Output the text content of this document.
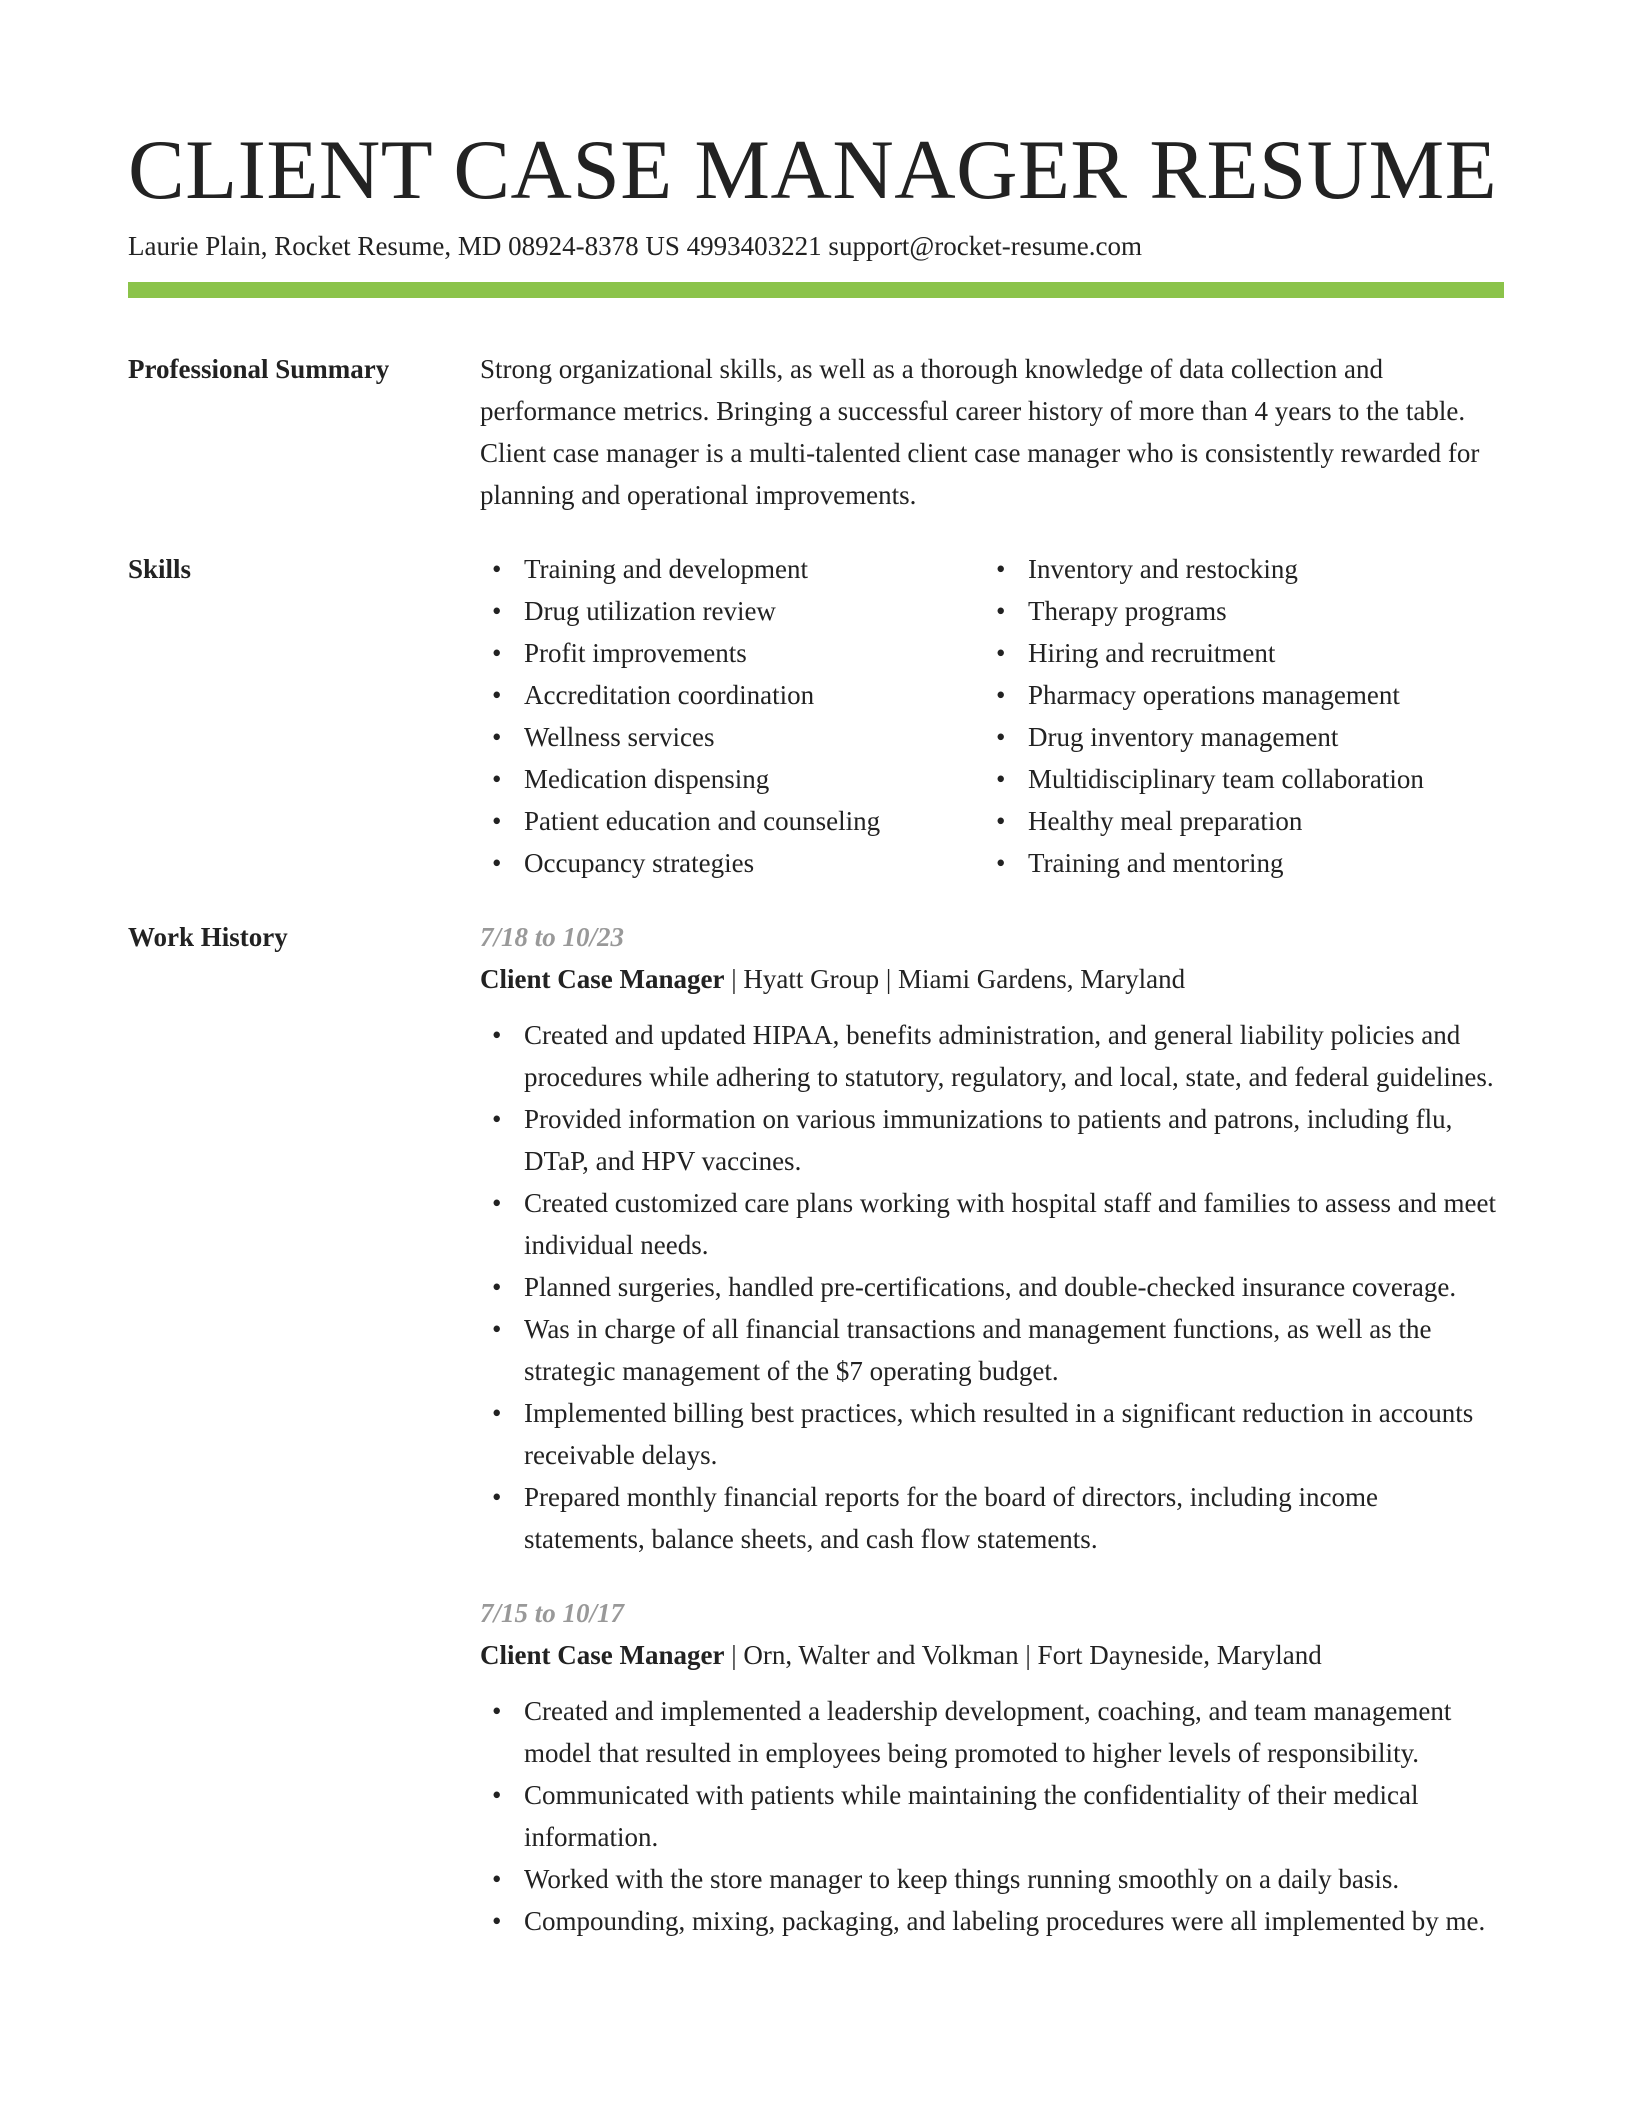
CLIENT CASE MANAGER RESUME
Laurie Plain, Rocket Resume, MD 08924-8378 US 4993403221 support@rocket-resume.com
Professional Summary	Strong organizational skills, as well as a thorough knowledge of data collection and performance metrics. Bringing a successful career history of more than 4 years to the table. Client case manager is a multi-talented client case manager who is consistently rewarded for planning and operational improvements.
Skills	• Training and development
• Drug utilization review
• Profit improvements
• Accreditation coordination
• Wellness services
• Medication dispensing
• Patient education and counseling
• Occupancy strategies
• Inventory and restocking
• Therapy programs
• Hiring and recruitment
• Pharmacy operations management
• Drug inventory management
• Multidisciplinary team collaboration
• Healthy meal preparation
• Training and mentoring
Work History	7/18 to 10/23
Client Case Manager | Hyatt Group | Miami Gardens, Maryland
• Created and updated HIPAA, benefits administration, and general liability policies and procedures while adhering to statutory, regulatory, and local, state, and federal guidelines.
• Provided information on various immunizations to patients and patrons, including flu, DTaP, and HPV vaccines.
• Created customized care plans working with hospital staff and families to assess and meet individual needs.
• Planned surgeries, handled pre-certifications, and double-checked insurance coverage.
• Was in charge of all financial transactions and management functions, as well as the strategic management of the $7 operating budget.
• Implemented billing best practices, which resulted in a significant reduction in accounts receivable delays.
• Prepared monthly financial reports for the board of directors, including income statements, balance sheets, and cash flow statements.
7/15 to 10/17
Client Case Manager | Orn, Walter and Volkman | Fort Dayneside, Maryland
• Created and implemented a leadership development, coaching, and team management model that resulted in employees being promoted to higher levels of responsibility.
• Communicated with patients while maintaining the confidentiality of their medical information.
• Worked with the store manager to keep things running smoothly on a daily basis.
• Compounding, mixing, packaging, and labeling procedures were all implemented by me.
